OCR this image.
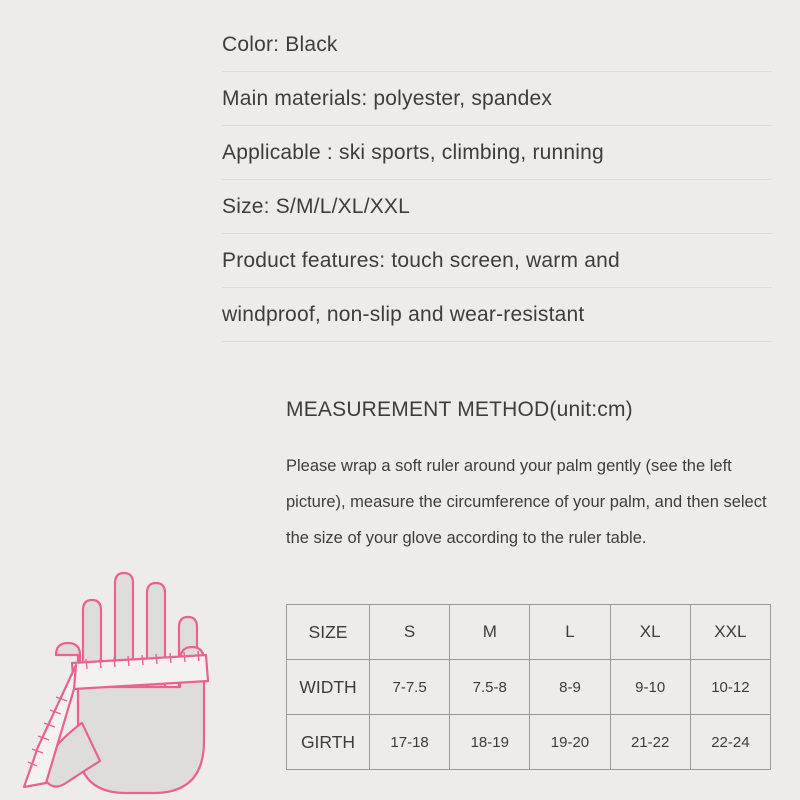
Color: Black
Main materials: polyester, spandex
Applicable : ski sports, climbing, running
Size: S/M/L/XL/XXL
Product features: touch screen, warm and
windproof, non-slip and wear-resistant
MEASUREMENT METHOD(unit:cm)
Please wrap a soft ruler around your palm gently (see the left picture), measure the circumference of your palm, and then select the size of your glove according to the ruler table.
SIZE	S	M	L	XL	XXL
WIDTH	7-7.5	7.5-8	8-9	9-10	10-12
GIRTH	17-18	18-19	19-20	21-22	22-24
